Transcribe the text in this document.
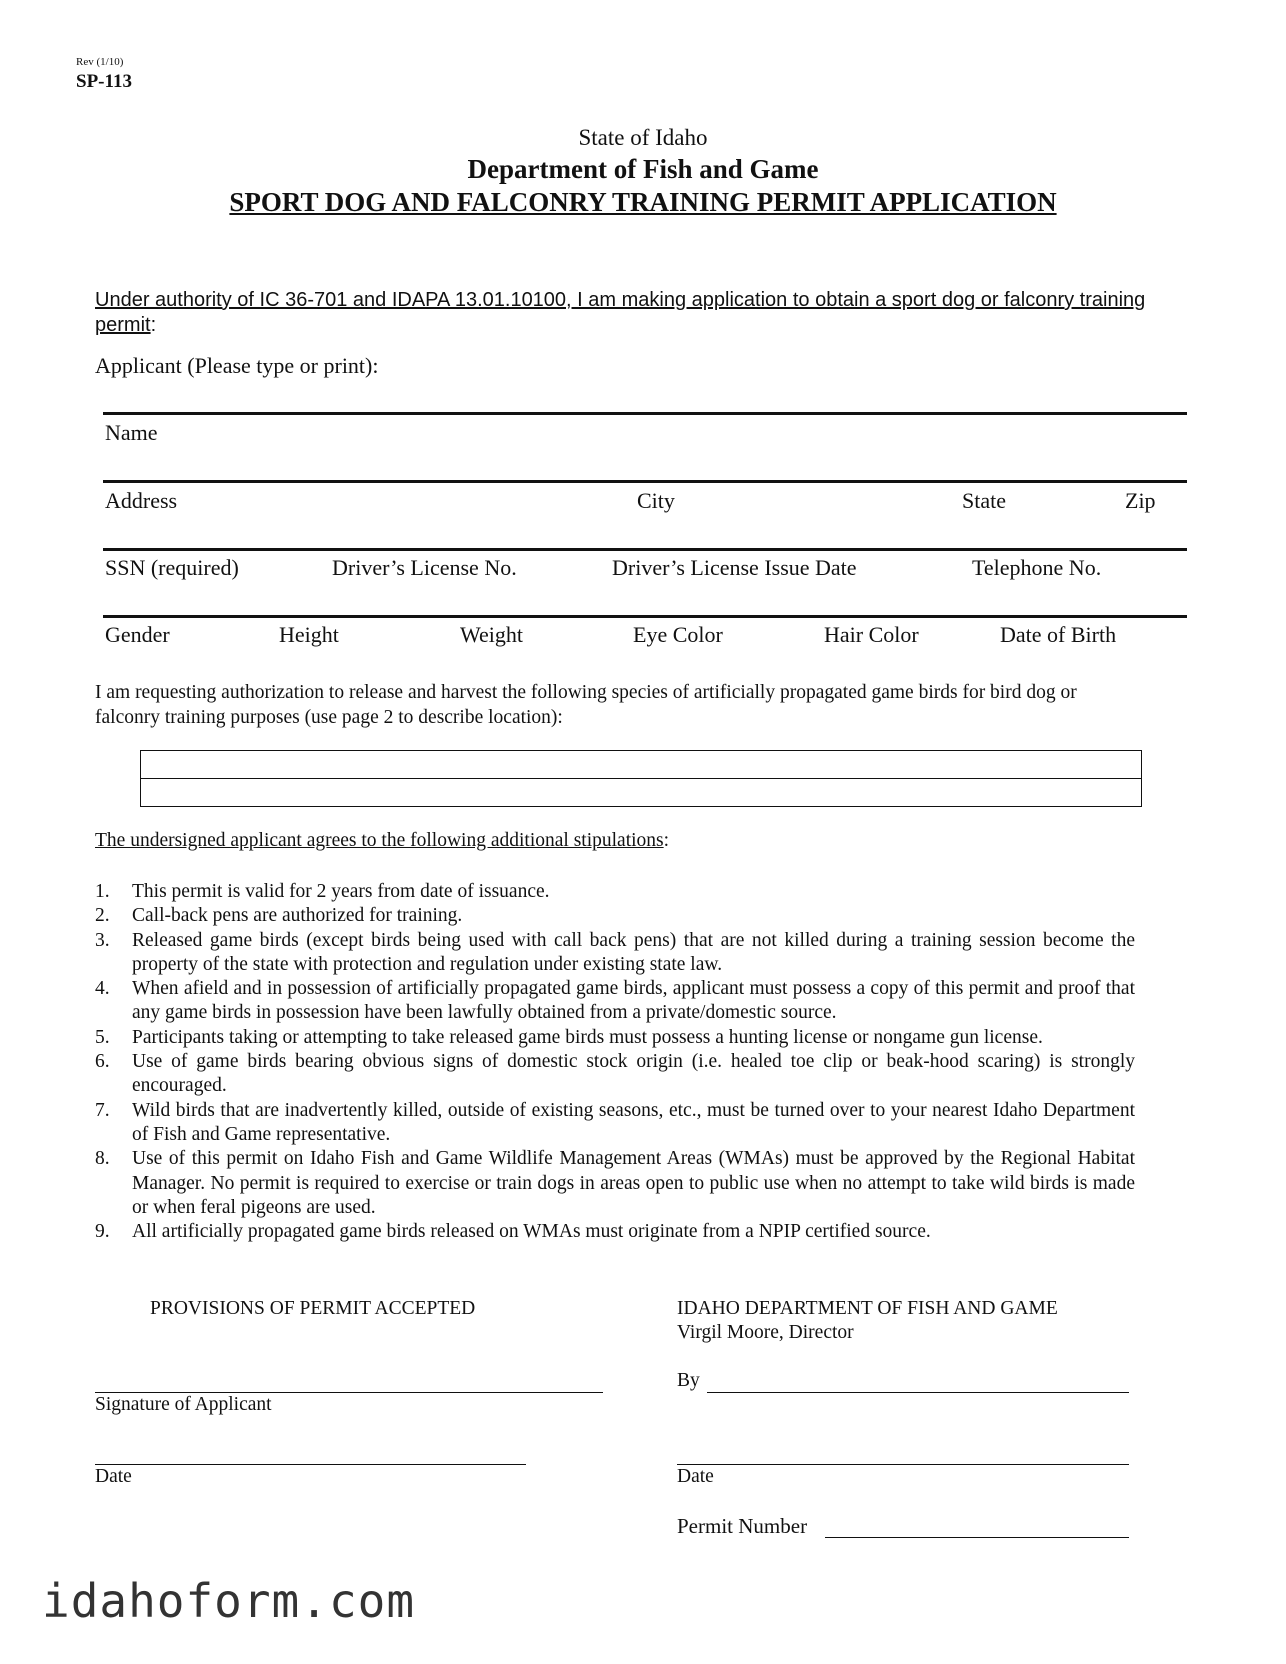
Rev (1/10)
SP-113
State of Idaho
Department of Fish and Game
SPORT DOG AND FALCONRY TRAINING PERMIT APPLICATION
Under authority of IC 36-701 and IDAPA 13.01.10100, I am making application to obtain a sport dog or falconry training permit:
Applicant (Please type or print):
Name
Address	City	State	Zip
SSN (required)	Driver’s License No.	Driver’s License Issue Date	Telephone No.
Gender	Height	Weight	Eye Color	Hair Color	Date of Birth
I am requesting authorization to release and harvest the following species of artificially propagated game birds for bird dog or falconry training purposes (use page 2 to describe location):

The undersigned applicant agrees to the following additional stipulations:
1. This permit is valid for 2 years from date of issuance.
2. Call-back pens are authorized for training.
3. Released game birds (except birds being used with call back pens) that are not killed during a training session become the property of the state with protection and regulation under existing state law.
4. When afield and in possession of artificially propagated game birds, applicant must possess a copy of this permit and proof that any game birds in possession have been lawfully obtained from a private/domestic source.
5. Participants taking or attempting to take released game birds must possess a hunting license or nongame gun license.
6. Use of game birds bearing obvious signs of domestic stock origin (i.e. healed toe clip or beak-hood scaring) is strongly encouraged.
7. Wild birds that are inadvertently killed, outside of existing seasons, etc., must be turned over to your nearest Idaho Department of Fish and Game representative.
8. Use of this permit on Idaho Fish and Game Wildlife Management Areas (WMAs) must be approved by the Regional Habitat Manager. No permit is required to exercise or train dogs in areas open to public use when no attempt to take wild birds is made or when feral pigeons are used.
9. All artificially propagated game birds released on WMAs must originate from a NPIP certified source.
PROVISIONS OF PERMIT ACCEPTED	IDAHO DEPARTMENT OF FISH AND GAME
Virgil Moore, Director
Signature of Applicant
By
Date	Date
Permit Number
idahoform.com
